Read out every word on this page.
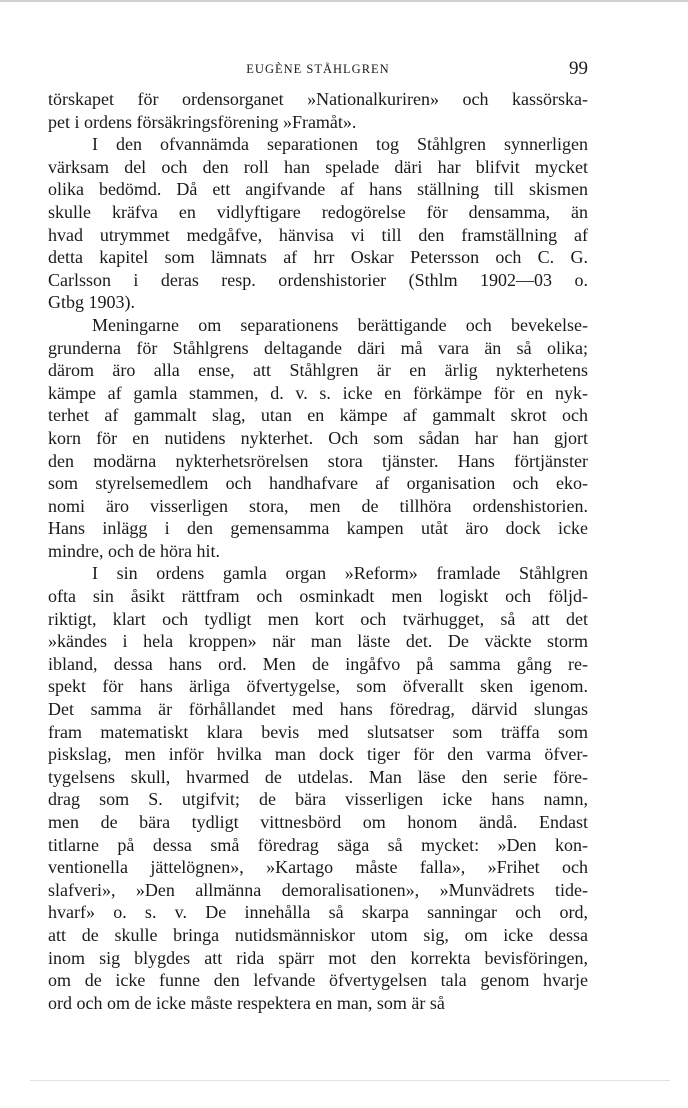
EUGÈNE STÅHLGREN	99
törskapet för ordensorganet »Nationalkuriren» och kassörska-
pet i ordens försäkringsförening »Framåt».
I den ofvannämda separationen tog Ståhlgren synnerligen
värksam del och den roll han spelade däri har blifvit mycket
olika bedömd. Då ett angifvande af hans ställning till skismen
skulle kräfva en vidlyftigare redogörelse för densamma, än
hvad utrymmet medgåfve, hänvisa vi till den framställning af
detta kapitel som lämnats af hrr Oskar Petersson och C. G.
Carlsson i deras resp. ordenshistorier (Sthlm 1902—03 o.
Gtbg 1903).
Meningarne om separationens berättigande och bevekelse-
grunderna för Ståhlgrens deltagande däri må vara än så olika;
därom äro alla ense, att Ståhlgren är en ärlig nykterhetens
kämpe af gamla stammen, d. v. s. icke en förkämpe för en nyk-
terhet af gammalt slag, utan en kämpe af gammalt skrot och
korn för en nutidens nykterhet. Och som sådan har han gjort
den modärna nykterhetsrörelsen stora tjänster. Hans förtjänster
som styrelsemedlem och handhafvare af organisation och eko-
nomi äro visserligen stora, men de tillhöra ordenshistorien.
Hans inlägg i den gemensamma kampen utåt äro dock icke
mindre, och de höra hit.
I sin ordens gamla organ »Reform» framlade Ståhlgren
ofta sin åsikt rättfram och osminkadt men logiskt och följd-
riktigt, klart och tydligt men kort och tvärhugget, så att det
»kändes i hela kroppen» när man läste det. De väckte storm
ibland, dessa hans ord. Men de ingåfvo på samma gång re-
spekt för hans ärliga öfvertygelse, som öfverallt sken igenom.
Det samma är förhållandet med hans föredrag, därvid slungas
fram matematiskt klara bevis med slutsatser som träffa som
piskslag, men inför hvilka man dock tiger för den varma öfver-
tygelsens skull, hvarmed de utdelas. Man läse den serie före-
drag som S. utgifvit; de bära visserligen icke hans namn,
men de bära tydligt vittnesbörd om honom ändå. Endast
titlarne på dessa små föredrag säga så mycket: »Den kon-
ventionella jättelögnen», »Kartago måste falla», »Frihet och
slafveri», »Den allmänna demoralisationen», »Munvädrets tide-
hvarf» o. s. v. De innehålla så skarpa sanningar och ord,
att de skulle bringa nutidsmänniskor utom sig, om icke dessa
inom sig blygdes att rida spärr mot den korrekta bevisföringen,
om de icke funne den lefvande öfvertygelsen tala genom hvarje
ord och om de icke måste respektera en man, som är så
